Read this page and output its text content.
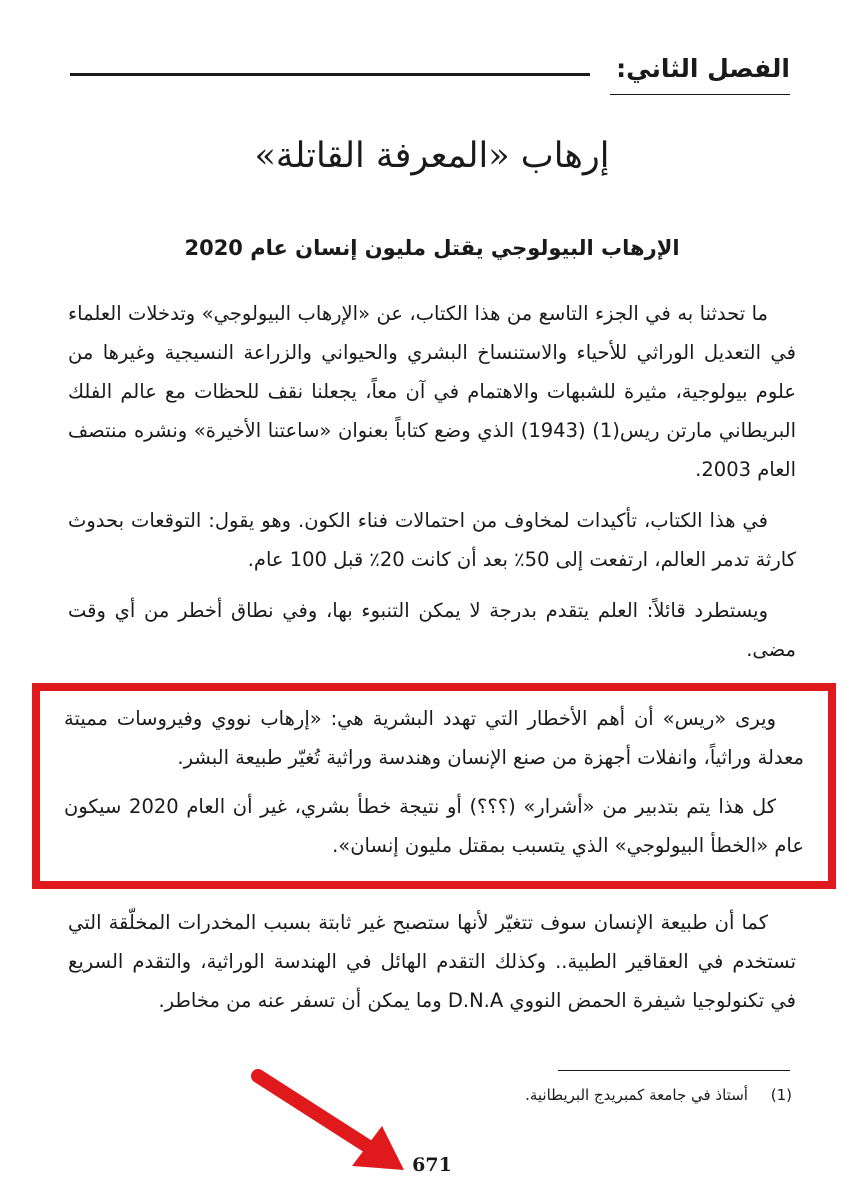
الفصل الثاني:
إرهاب «المعرفة القاتلة»
الإرهاب البيولوجي يقتل مليون إنسان عام 2020

ما تحدثنا به في الجزء التاسع من هذا الكتاب، عن «الإرهاب البيولوجي» وتدخلات العلماء في التعديل الوراثي للأحياء والاستنساخ البشري والحيواني والزراعة النسيجية وغيرها من علوم بيولوجية، مثيرة للشبهات والاهتمام في آن معاً، يجعلنا نقف للحظات مع عالم الفلك البريطاني مارتن ريس(1) (1943) الذي وضع كتاباً بعنوان «ساعتنا الأخيرة» ونشره منتصف العام 2003.

في هذا الكتاب، تأكيدات لمخاوف من احتمالات فناء الكون. وهو يقول: التوقعات بحدوث كارثة تدمر العالم، ارتفعت إلى 50٪ بعد أن كانت 20٪ قبل 100 عام.

ويستطرد قائلاً: العلم يتقدم بدرجة لا يمكن التنبوء بها، وفي نطاق أخطر من أي وقت مضى.

ويرى «ريس» أن أهم الأخطار التي تهدد البشرية هي: «إرهاب نووي وفيروسات مميتة معدلة وراثياً، وانفلات أجهزة من صنع الإنسان وهندسة وراثية تُغيّر طبيعة البشر.

كل هذا يتم بتدبير من «أشرار» (؟؟؟) أو نتيجة خطأ بشري، غير أن العام 2020 سيكون عام «الخطأ البيولوجي» الذي يتسبب بمقتل مليون إنسان».

كما أن طبيعة الإنسان سوف تتغيّر لأنها ستصبح غير ثابتة بسبب المخدرات المخلّقة التي تستخدم في العقاقير الطبية.. وكذلك التقدم الهائل في الهندسة الوراثية، والتقدم السريع في تكنولوجيا شيفرة الحمض النووي D.N.A وما يمكن أن تسفر عنه من مخاطر.

(1) أستاذ في جامعة كمبريدج البريطانية.
671
